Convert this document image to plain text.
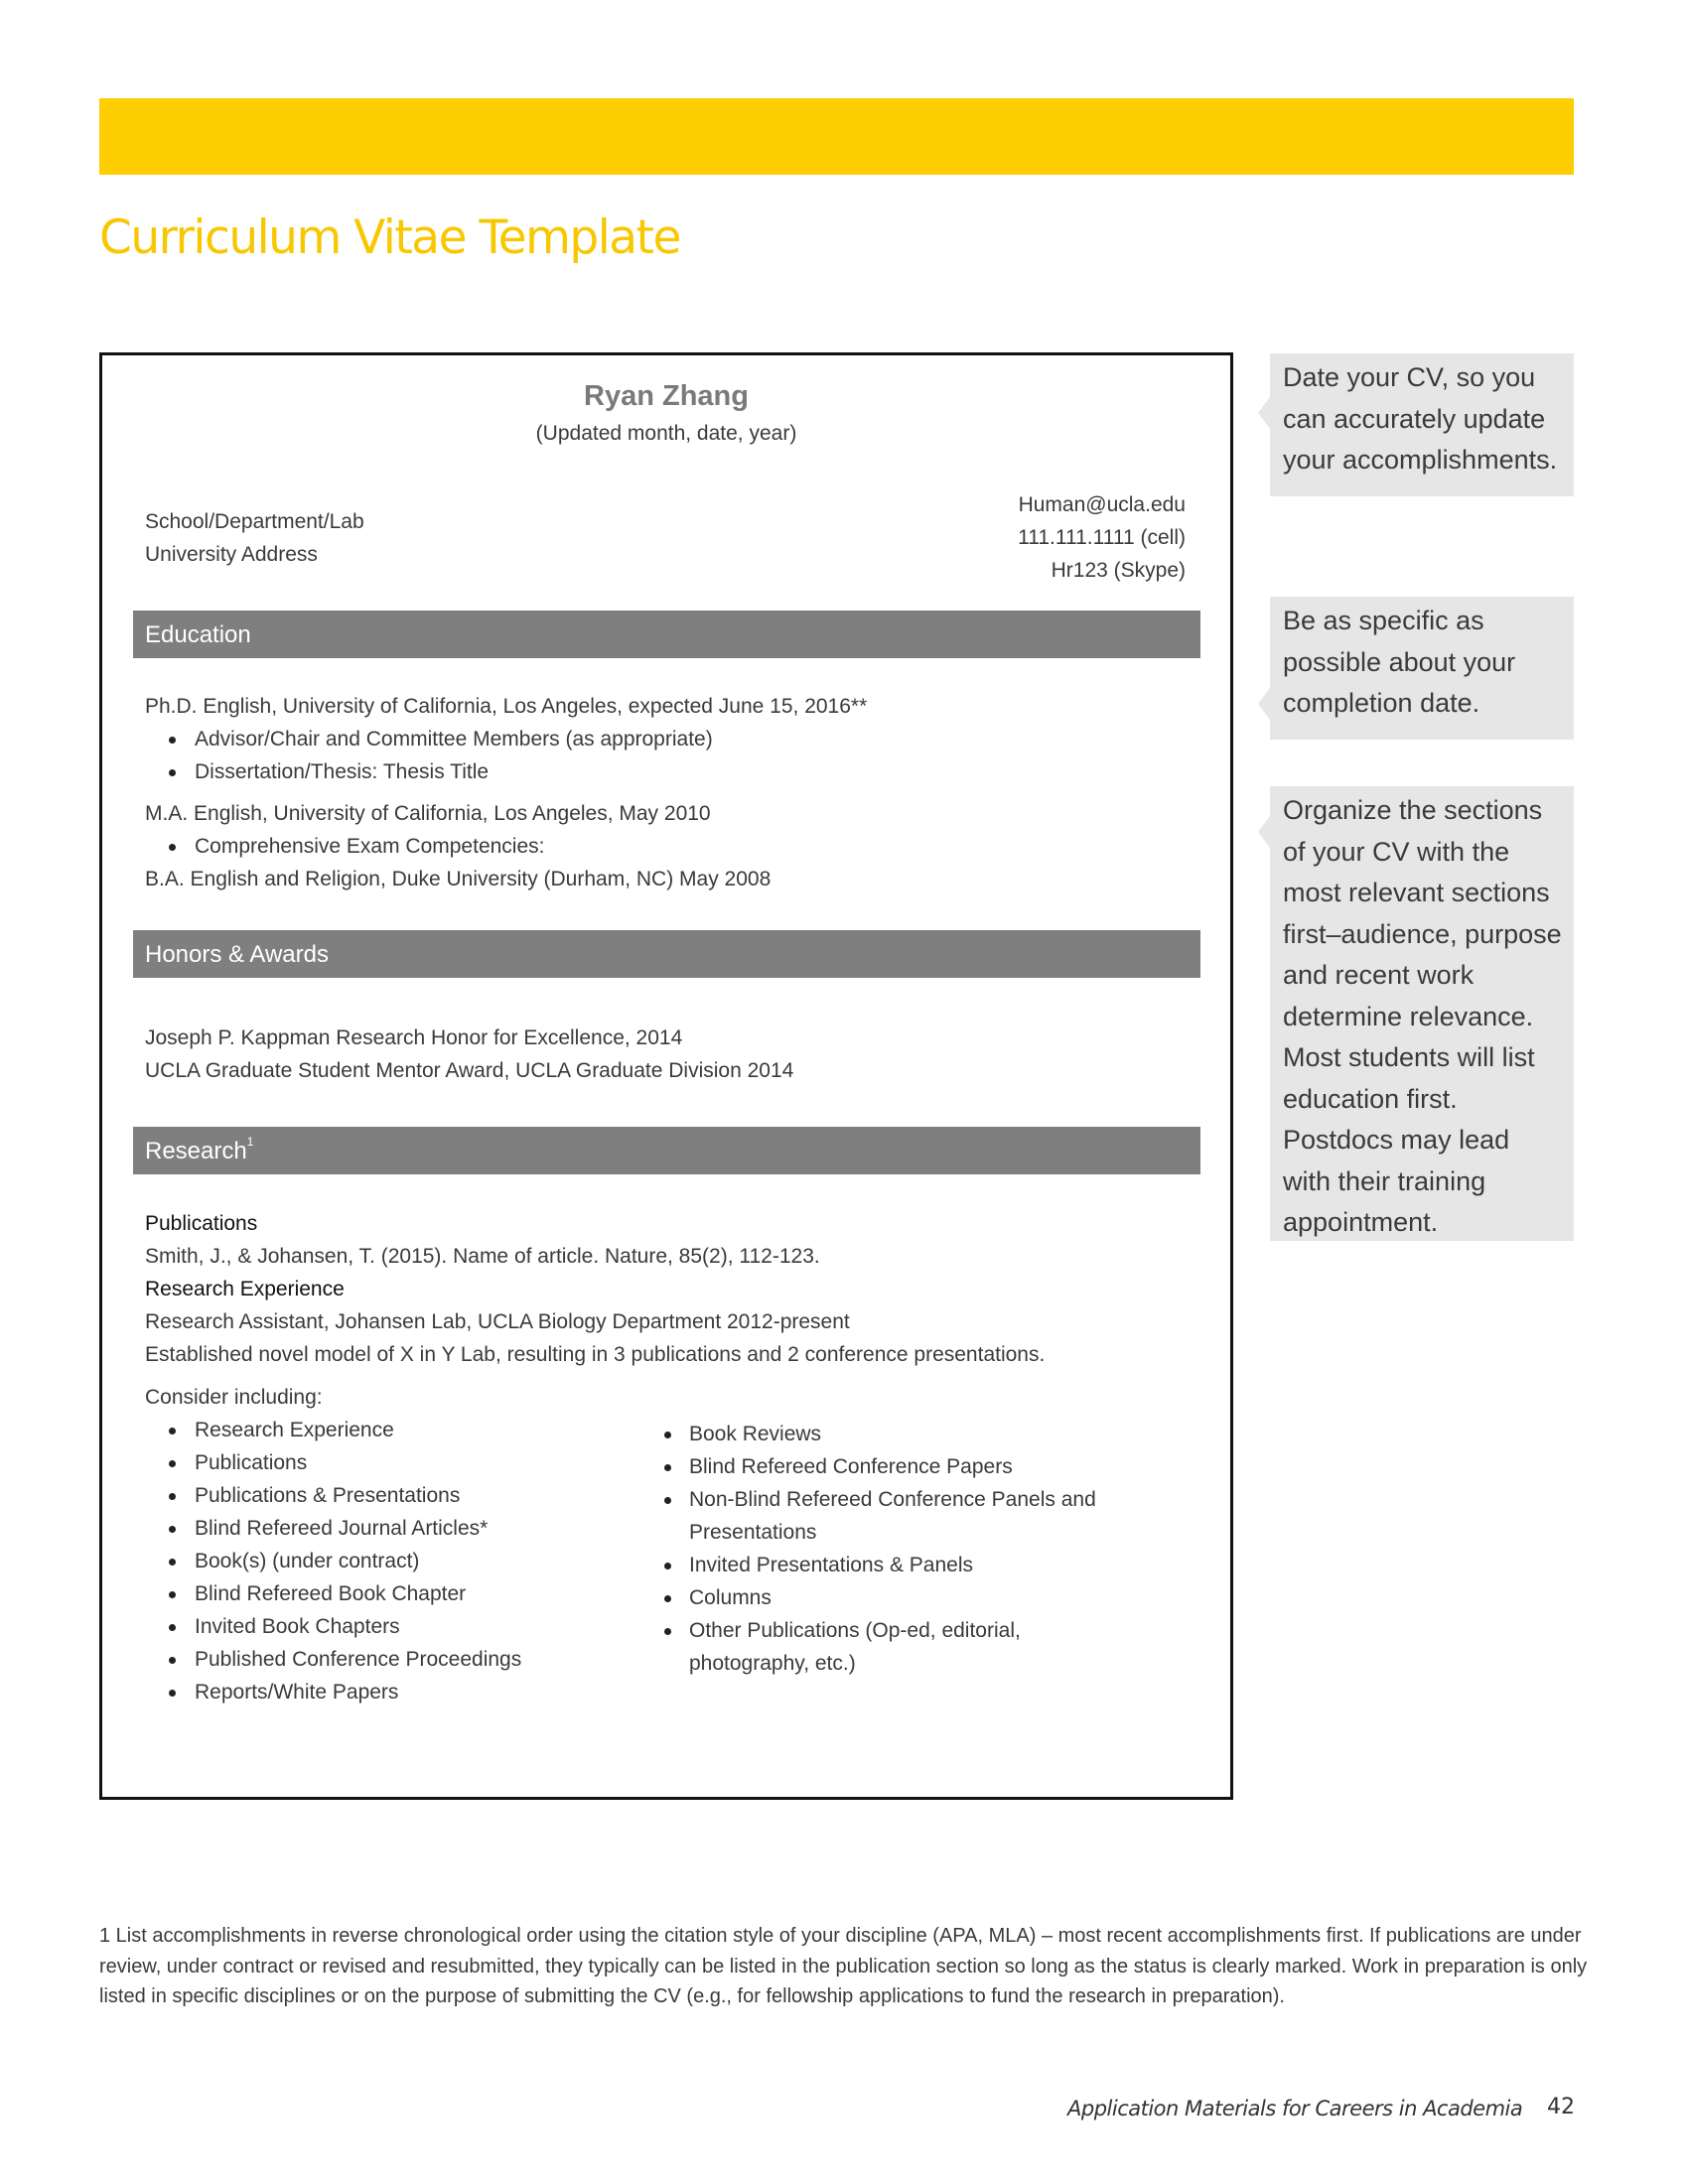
Curriculum Vitae Template
Ryan Zhang
(Updated month, date, year)
School/Department/Lab
University Address
Human@ucla.edu
111.111.1111 (cell)
Hr123 (Skype)
Education
Ph.D. English, University of California, Los Angeles, expected June 15, 2016**
Advisor/Chair and Committee Members (as appropriate)
Dissertation/Thesis: Thesis Title
M.A. English, University of California, Los Angeles, May 2010
Comprehensive Exam Competencies:
B.A. English and Religion, Duke University (Durham, NC) May 2008
Honors & Awards
Joseph P. Kappman Research Honor for Excellence, 2014
UCLA Graduate Student Mentor Award, UCLA Graduate Division 2014
Research$^1$
Publications
Smith, J., & Johansen, T. (2015). Name of article. Nature, 85(2), 112-123.
Research Experience
Research Assistant, Johansen Lab, UCLA Biology Department 2012-present
Established novel model of X in Y Lab, resulting in 3 publications and 2 conference presentations.
Consider including:
Research Experience
Publications
Publications & Presentations
Blind Refereed Journal Articles*
Book(s) (under contract)
Blind Refereed Book Chapter
Invited Book Chapters
Published Conference Proceedings
Reports/White Papers
Book Reviews
Blind Refereed Conference Papers
Non-Blind Refereed Conference Panels and Presentations
Invited Presentations & Panels
Columns
Other Publications (Op-ed, editorial, photography, etc.)
Date your CV, so you can accurately update your accomplishments.
Be as specific as possible about your completion date.
Organize the sections of your CV with the most relevant sections first–audience, purpose and recent work determine relevance. Most students will list education first. Postdocs may lead with their training appointment.
1 List accomplishments in reverse chronological order using the citation style of your discipline (APA, MLA) – most recent accomplishments first. If publications are under review, under contract or revised and resubmitted, they typically can be listed in the publication section so long as the status is clearly marked. Work in preparation is only listed in specific disciplines or on the purpose of submitting the CV (e.g., for fellowship applications to fund the research in preparation).
Application Materials for Careers in Academia 42
